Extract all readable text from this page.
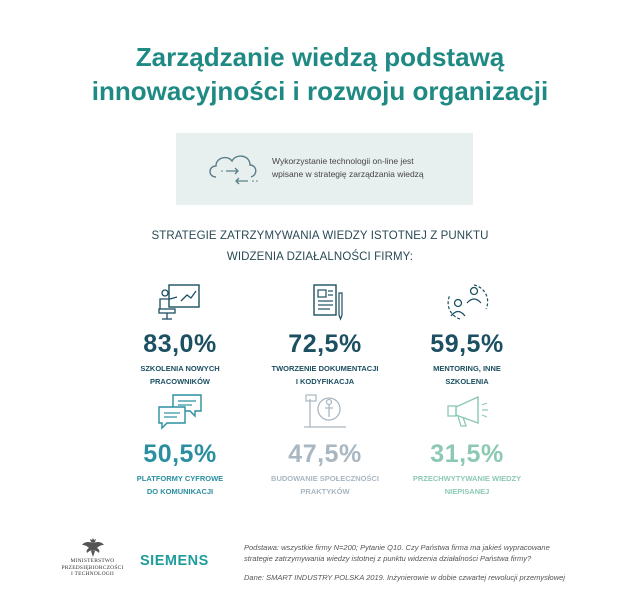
Zarządzanie wiedzą podstawą
innowacyjności i rozwoju organizacji
Wykorzystanie technologii on-line jest
wpisane w strategię zarządzania wiedzą
STRATEGIE ZATRZYMYWANIA WIEDZY ISTOTNEJ Z PUNKTU
WIDZENIA DZIAŁALNOŚCI FIRMY:
83,0%
SZKOLENIA NOWYCH
PRACOWNIKÓW
72,5%
TWORZENIE DOKUMENTACJI
I KODYFIKACJA
59,5%
MENTORING, INNE
SZKOLENIA
50,5%
PLATFORMY CYFROWE
DO KOMUNIKACJI
47,5%
BUDOWANIE SPOŁECZNOŚCI
PRAKTYKÓW
31,5%
PRZECHWYTYWANIE WIEDZY
NIEPISANEJ
MINISTERSTWO
PRZEDSIĘBIORCZOŚCI
I TECHNOLOGII
SIEMENS
Podstawa: wszystkie firmy N=200; Pytanie Q10. Czy Państwa firma ma jakieś wypracowane
strategie zatrzymywania wiedzy istotnej z punktu widzenia działalności Państwa firmy?
Dane: SMART INDUSTRY POLSKA 2019. Inżynierowie w dobie czwartej rewolucji przemysłowej
